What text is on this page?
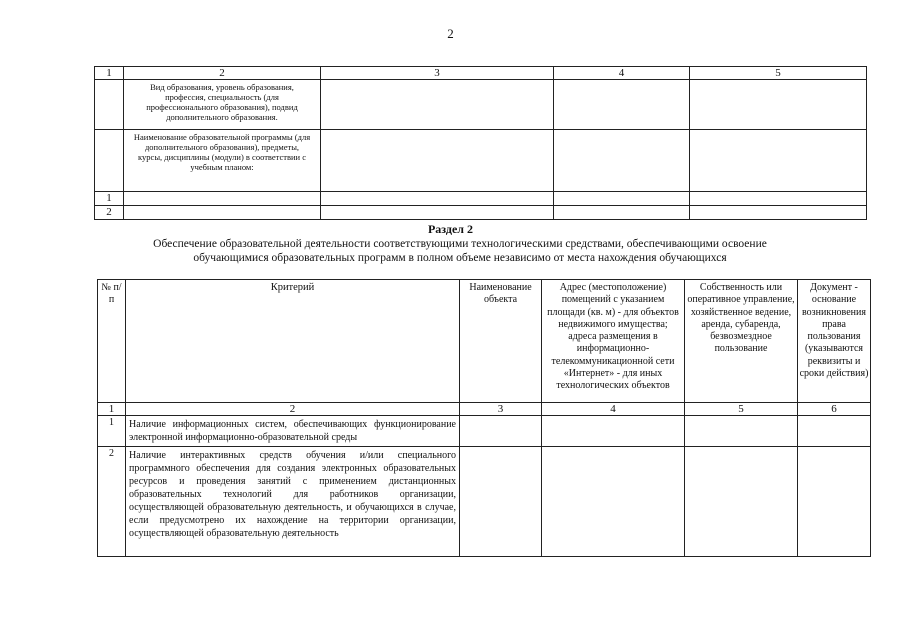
2
1	2	3	4	5
	Вид образования, уровень образования, профессия, специальность (для профессионального образования), подвид дополнительного образования.			
	Наименование образовательной программы (для дополнительного образования), предметы, курсы, дисциплины (модули) в соответствии с учебным планом:			
1				
2				
Раздел 2
Обеспечение образовательной деятельности соответствующими технологическими средствами, обеспечивающими освоение обучающимися образовательных программ в полном объеме независимо от места нахождения обучающихся
№ п/п	Критерий	Наименование объекта	Адрес (местоположение) помещений с указанием площади (кв. м) - для объектов недвижимого имущества; адреса размещения в информационно-телекоммуникационной сети «Интернет» - для иных технологических объектов	Собственность или оперативное управление, хозяйственное ведение, аренда, субаренда, безвозмездное пользование	Документ - основание возникновения права пользования (указываются реквизиты и сроки действия)
1	2	3	4	5	6
1	Наличие информационных систем, обеспечивающих функционирование электронной информационно-образовательной среды				
2	Наличие интерактивных средств обучения и/или специального программного обеспечения для создания электронных образовательных ресурсов и проведения занятий с применением дистанционных образовательных технологий для работников организации, осуществляющей образовательную деятельность, и обучающихся в случае, если предусмотрено их нахождение на территории организации, осуществляющей образовательную деятельность				
